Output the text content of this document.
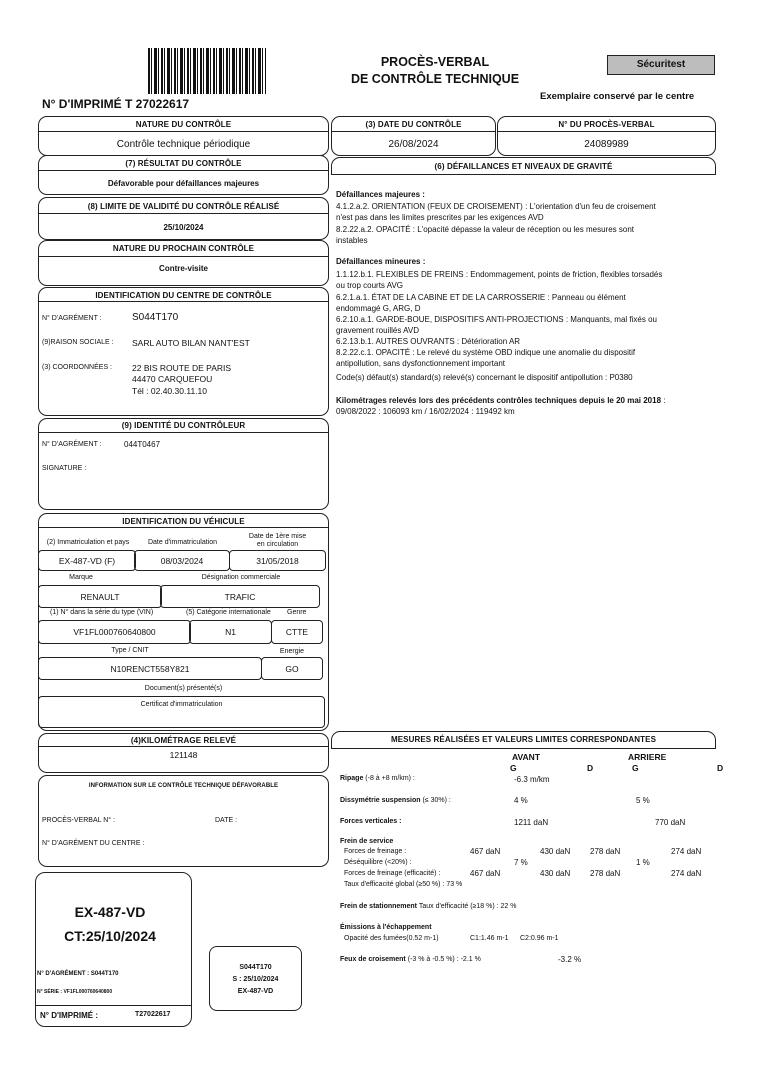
N° D'IMPRIMÉ T 27022617
PROCÈS-VERBAL
DE CONTRÔLE TECHNIQUE
Sécuritest
Exemplaire conservé par le centre
NATURE DU CONTRÔLE
Contrôle technique périodique
(7) RÉSULTAT DU CONTRÔLE
Défavorable pour défaillances majeures
(8) LIMITE DE VALIDITÉ DU CONTRÔLE RÉALISÉ
25/10/2024
NATURE DU PROCHAIN CONTRÔLE
Contre-visite
IDENTIFICATION DU CENTRE DE CONTRÔLE
N° D'AGRÉMENT :	S044T170
(9)RAISON SOCIALE : SARL AUTO BILAN NANT'EST
(3) COORDONNÉES : 22 BIS ROUTE DE PARIS
44470 CARQUEFOU
Tél : 02.40.30.11.10
(9) IDENTITÉ DU CONTRÔLEUR
N° D'AGRÉMENT :	044T0467
SIGNATURE :
IDENTIFICATION DU VÉHICULE
(2) Immatriculation et pays	Date d'immatriculation
Date de 1ère mise
en circulation
EX-487-VD (F)	08/03/2024	31/05/2018
Marque	Désignation commerciale
RENAULT	TRAFIC
(1) N° dans la série du type (VIN)	(5) Catégorie internationale Genre
VF1FL000760640800	N1	CTTE
Type / CNIT	Energie
N10RENCT558Y821	GO
Document(s) présenté(s)
Certificat d'immatriculation
(4)KILOMÉTRAGE RELEVÉ
121148
INFORMATION SUR LE CONTRÔLE TECHNIQUE DÉFAVORABLE
PROCÈS-VERBAL N° :	DATE :
N° D'AGRÉMENT DU CENTRE :
EX-487-VD
CT:25/10/2024
N° D'AGRÉMENT : S044T170
N° SÉRIE : VF1FL000760640800
N° D'IMPRIMÉ :	T27022617
S044T170
S : 25/10/2024
EX-487-VD
(3) DATE DU CONTRÔLE
26/08/2024
N° DU PROCÈS-VERBAL
24089989
(6) DÉFAILLANCES ET NIVEAUX DE GRAVITÉ
Défaillances majeures :
4.1.2.a.2. ORIENTATION (FEUX DE CROISEMENT) : L'orientation d'un feu de croisement n'est pas dans les limites prescrites par les exigences AVD
8.2.22.a.2. OPACITÉ : L'opacité dépasse la valeur de réception ou les mesures sont instables
Défaillances mineures :
1.1.12.b.1. FLEXIBLES DE FREINS : Endommagement, points de friction, flexibles torsadés ou trop courts AVG
6.2.1.a.1. ÉTAT DE LA CABINE ET DE LA CARROSSERIE : Panneau ou élément endommagé G, ARG, D
6.2.10.a.1. GARDE-BOUE, DISPOSITIFS ANTI-PROJECTIONS : Manquants, mal fixés ou gravement rouillés AVD
6.2.13.b.1. AUTRES OUVRANTS : Détérioration AR
8.2.22.c.1. OPACITÉ : Le relevé du système OBD indique une anomalie du dispositif antipollution, sans dysfonctionnement important
Code(s) défaut(s) standard(s) relevé(s) concernant le dispositif antipollution : P0380
Kilométrages relevés lors des précédents contrôles techniques depuis le 20 mai 2018 : 09/08/2022 : 106093 km / 16/02/2024 : 119492 km
MESURES RÉALISÉES ET VALEURS LIMITES CORRESPONDANTES
AVANT	ARRIERE
G	D	G	D
Ripage (-8 à +8 m/km) :	-6.3 m/km
Dissymétrie suspension (≤ 30%) :	4 %	5 %
Forces verticales :	1211 daN	770 daN
Frein de service
Forces de freinage :	467 daN	430 daN 278 daN	274 daN
Déséquilibre (<20%) :	7 %	1 %
Forces de freinage (efficacité) :	467 daN	430 daN 278 daN	274 daN
Taux d'efficacité global (≥50 %) : 73 %
Frein de stationnement Taux d'efficacité (≥18 %) : 22 %
Émissions à l'échappement
Opacité des fumées(0.52 m-1)	C1:1.46 m-1 C2:0.96 m-1
Feux de croisement (-3 % à -0.5 %) : -2.1 %	-3.2 %
